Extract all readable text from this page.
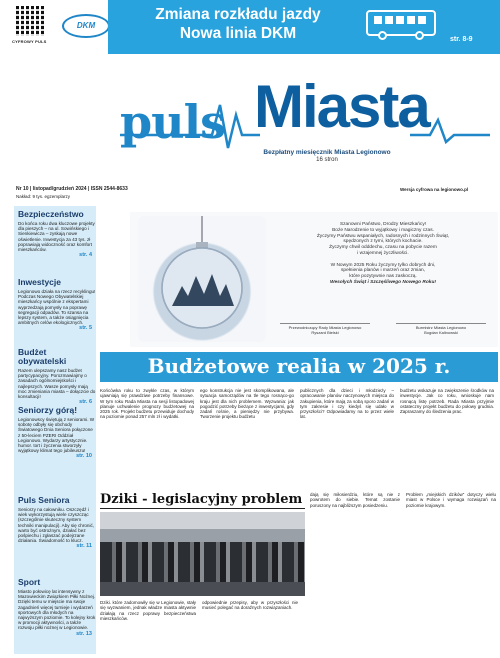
CYFROWY PULS
DKM
Zmiana rozkładu jazdy
Nowa linia DKM	str. 8-9
puls Miasta
Bezpłatny miesięcznik Miasta Legionowo
16 stron
Nr 10 | listopad/grudzień 2024 | ISSN 2544-8633
Nakład: 9 tys. egzemplarzy
Wersja cyfrowa na legionowo.pl
Bezpieczeństwo
Do końca roku dwa kluczowe projekty dla pieszych – na ul. Sowińskiego i Sienkiewicza – zyskają nowe oświetlenie. Inwestycja za 43 tys. zł poprawiają widoczność oraz komfort mieszkańców.
str. 4
Inwestycje
Legionowo działa na rzecz recyklingu! Podczas Nowego Obywatelskiej mieszkańcy wspólnie z ekspertami wyprzedzają pomysły na poprawę segregacji odpadów. To szansa na lepszy system, a także osiągnięcia ambitnych celów ekologicznych.
str. 5
Budżet obywatelski
Razem ulepszamy nasz budżet partycypacyjny. Porozmawiajmy o zasadach ogólnomiejskości i najlepszych. Wasze pomysły mają moc zmieniania miasta – dołączcie do konsultacji!
str. 6
Seniorzy górą!
Legionowscy świętują z seniorami. W sobotę odbyły się obchody Światowego Dnia Seniora połączone z 50-leciem PZERI Oddział Legionowo. Wydarzy artystycznie. humor. tort i życzenia stworzyły wyjątkowy klimat tego jubileuszu!
str. 10
Puls Seniora
Seniorzy na całowniku. Oszczędź i wiek wykorzystują wiele czyszcząc (szczególnie skuteczny system techniki manipulacji). Aby się chronić, warto być ostrożnym, działać bez pośpiechu i zgłaszać podejrzane działania. Świadomość to klucz.
str. 11
Sport
Miasto połowicę lat intensywny z Mazowieckim Związkiem Piłki Nożnej. Dzięki temu w miejscie ma swoje zagadnień więcej turnieje i wydarzeń sportowych dla młodych na najwyższym poziomie. To kolejny krok w promocji aktywności, a także rozwoju piłki nożnej w Legionowie.
str. 13

Szanowni Państwo, Drodzy Mieszkańcy!

Boże Narodzenie to wyjątkowy i magiczny czas.

Życzymy Państwu wspaniałych, radosnych i rodzinnych Świąt,

spędzonych z tymi, których kochacie.

Życzymy chwil odddechu, czasu na pobycie razem

i wzajemnej życzliwości.

W Nowym 2025 Roku życzymy tylko dobrych dni,

spełnienia planów i marzeń oraz zmian,

które pozytywnie nas zaskoczą.

Wesołych Świąt i Szczęśliwego Nowego Roku!

Przewodniczący Rady Miasta Legionowo
Ryszard Bielski
Burmistrz Miasta Legionowo
Bogdan Kalinowski
Budżetowe realia w 2025 r.
Końcówka roku to zwykle czas, w którym ujawniają się prawdziwe potrzeby finansowe. W tym roku Rada Miasta na sesji listopadowej planuje uchwalenie prognozy budżetowej na 2025 rok. Projekt budżetu przewiduje dochody na poziomie ponad 257 mln zł i wydatki.
ego konstrukcja nie jest skomplikowana, ale sytuacja samorządów na tle tego rosnąco-go kraju jest dla nich problemem. Wyzwania: jak pogodzić potrzeby bieżące z inwestycjami, gdy zadań rośnie, a pieniędzy nie przybywa. Tworzenie projektu budżetu
publicznych dla dzieci i młodzieży – opracowanie planów naczynowych miejsca do zakupienia, które mają za sobą sporo zadań w tym zakresie i czy kiedyś się udało w przyszłości? Odpowiadamy na to przez wiele lat.
budżetu wskazuje na zwiększenie środków na inwestycje. Jak co roku, wnioskuje nam rosnącą listę potrzeb. Rada Miasta przyjmie ostateczny projekt budżetu do połowy grudnia. Zapraszamy do śledzenia prac.
Dziki - legislacyjny problem
Dziki. które zadomowiły się w Legionowie, stały się wyzwaniem, jednak władze miasta aktywnie działają na rzecz poprawy bezpieczeństwa mieszkańców.
odpowiednie przepisy, aby w przyszłości nie musieć polegać na doraźnych rozwiązaniach.
dają się miłosierdziu, które są nie z powrotem do siebie. Temat zostanie poruszony na najbliższym posiedzeniu.
Problem „miejskich dzików” dotyczy wielu miast w Polsce i wymaga rozwiązań na poziomie krajowym.
